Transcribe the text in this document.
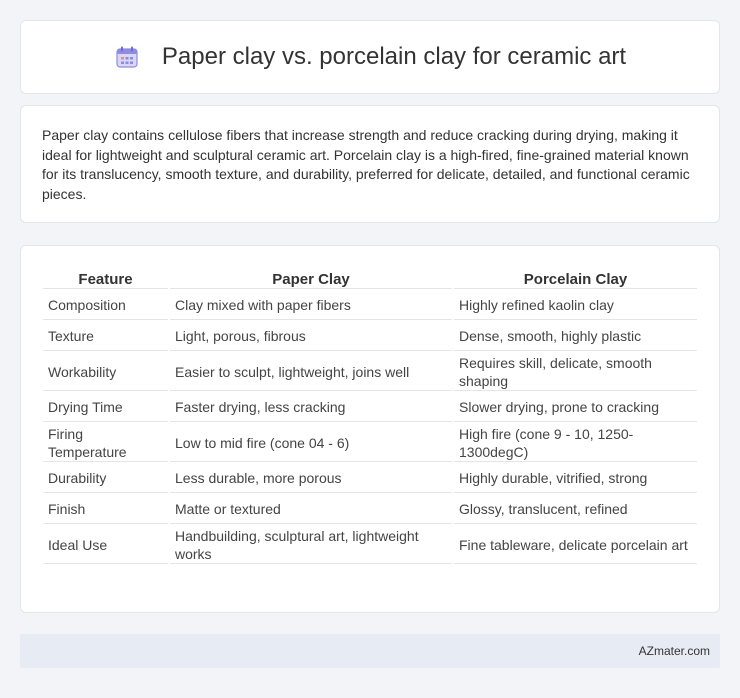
Paper clay vs. porcelain clay for ceramic art

Paper clay contains cellulose fibers that increase strength and reduce cracking during drying, making it ideal for lightweight and sculptural ceramic art. Porcelain clay is a high-fired, fine-grained material known for its translucency, smooth texture, and durability, preferred for delicate, detailed, and functional ceramic pieces.

Feature	Paper Clay	Porcelain Clay
Composition	Clay mixed with paper fibers	Highly refined kaolin clay
Texture	Light, porous, fibrous	Dense, smooth, highly plastic
Workability	Easier to sculpt, lightweight, joins well	Requires skill, delicate, smooth shaping
Drying Time	Faster drying, less cracking	Slower drying, prone to cracking
Firing Temperature	Low to mid fire (cone 04 - 6)	High fire (cone 9 - 10, 1250-1300degC)
Durability	Less durable, more porous	Highly durable, vitrified, strong
Finish	Matte or textured	Glossy, translucent, refined
Ideal Use	Handbuilding, sculptural art, lightweight works	Fine tableware, delicate porcelain art
AZmater.com
